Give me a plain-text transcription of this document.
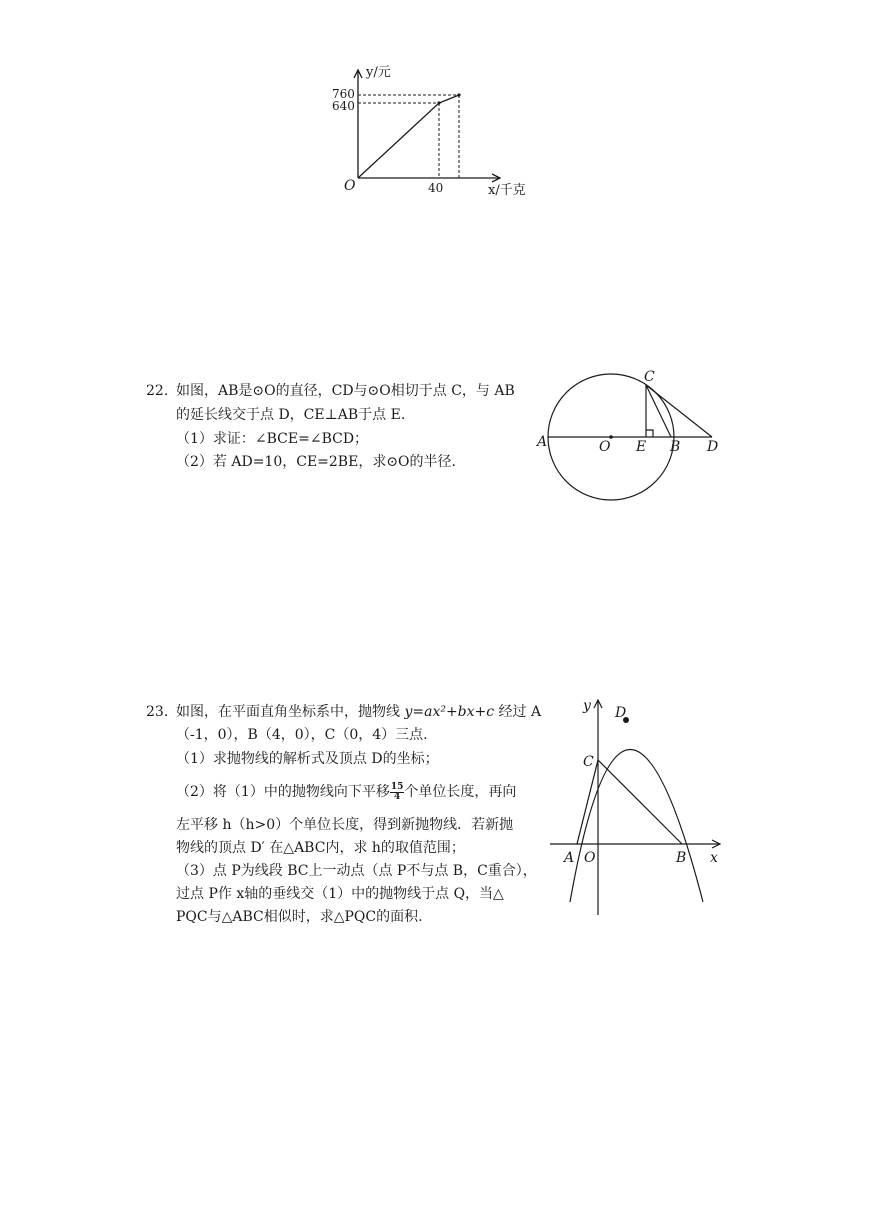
y/元
760
640
O	40	x/千克
22. 如图，AB是⊙O的直径，CD与⊙O相切于点 C，与 AB
的延长线交于点 D，CE⊥AB于点 E.
（1）求证：∠BCE=∠BCD；
（2）若 AD=10，CE=2BE，求⊙O的半径.
C
A	O E B D
23. 如图，在平面直角坐标系中，抛物线 y=ax²+bx+c 经过 A
（-1，0），B（4，0），C（0，4）三点.
（1）求抛物线的解析式及顶点 D的坐标；
（2）将（1）中的抛物线向下平移 $\frac{15}{4}$ 个单位长度，再向
左平移 h（h>0）个单位长度，得到新抛物线．若新抛
物线的顶点 D′ 在△ABC内，求 h的取值范围；
（3）点 P为线段 BC上一动点（点 P不与点 B，C重合），
过点 P作 x轴的垂线交（1）中的抛物线于点 Q，当△
PQC与△ABC相似时，求△PQC的面积.
y D
C
A O	B x
